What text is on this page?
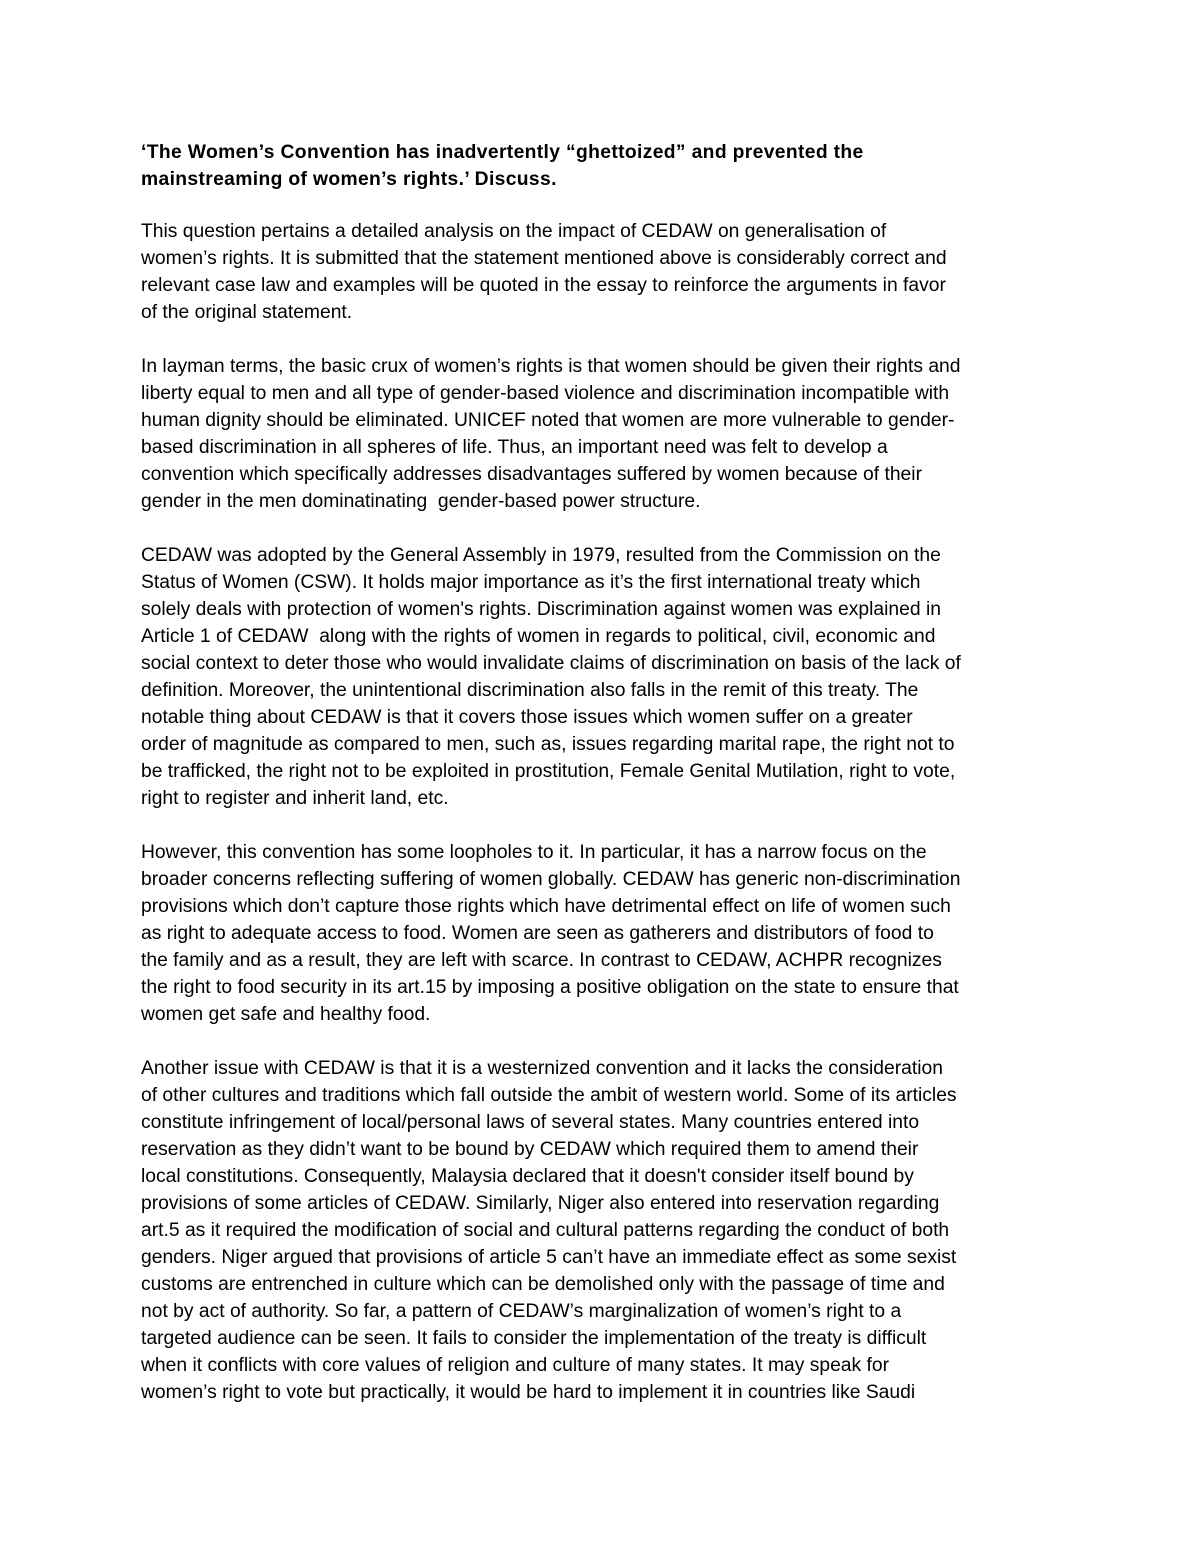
‘The Women’s Convention has inadvertently “ghettoized” and prevented the
mainstreaming of women’s rights.’ Discuss.
This question pertains a detailed analysis on the impact of CEDAW on generalisation of
women’s rights. It is submitted that the statement mentioned above is considerably correct and
relevant case law and examples will be quoted in the essay to reinforce the arguments in favor
of the original statement.
In layman terms, the basic crux of women’s rights is that women should be given their rights and
liberty equal to men and all type of gender-based violence and discrimination incompatible with
human dignity should be eliminated. UNICEF noted that women are more vulnerable to gender-
based discrimination in all spheres of life. Thus, an important need was felt to develop a
convention which specifically addresses disadvantages suffered by women because of their
gender in the men dominatinating  gender-based power structure.
CEDAW was adopted by the General Assembly in 1979, resulted from the Commission on the
Status of Women (CSW). It holds major importance as it’s the first international treaty which
solely deals with protection of women's rights. Discrimination against women was explained in
Article 1 of CEDAW  along with the rights of women in regards to political, civil, economic and
social context to deter those who would invalidate claims of discrimination on basis of the lack of
definition. Moreover, the unintentional discrimination also falls in the remit of this treaty. The
notable thing about CEDAW is that it covers those issues which women suffer on a greater
order of magnitude as compared to men, such as, issues regarding marital rape, the right not to
be trafficked, the right not to be exploited in prostitution, Female Genital Mutilation, right to vote,
right to register and inherit land, etc.
However, this convention has some loopholes to it. In particular, it has a narrow focus on the
broader concerns reflecting suffering of women globally. CEDAW has generic non-discrimination
provisions which don’t capture those rights which have detrimental effect on life of women such
as right to adequate access to food. Women are seen as gatherers and distributors of food to
the family and as a result, they are left with scarce. In contrast to CEDAW, ACHPR recognizes
the right to food security in its art.15 by imposing a positive obligation on the state to ensure that
women get safe and healthy food.
Another issue with CEDAW is that it is a westernized convention and it lacks the consideration
of other cultures and traditions which fall outside the ambit of western world. Some of its articles
constitute infringement of local/personal laws of several states. Many countries entered into
reservation as they didn’t want to be bound by CEDAW which required them to amend their
local constitutions. Consequently, Malaysia declared that it doesn't consider itself bound by
provisions of some articles of CEDAW. Similarly, Niger also entered into reservation regarding
art.5 as it required the modification of social and cultural patterns regarding the conduct of both
genders. Niger argued that provisions of article 5 can’t have an immediate effect as some sexist
customs are entrenched in culture which can be demolished only with the passage of time and
not by act of authority. So far, a pattern of CEDAW’s marginalization of women’s right to a
targeted audience can be seen. It fails to consider the implementation of the treaty is difficult
when it conflicts with core values of religion and culture of many states. It may speak for
women’s right to vote but practically, it would be hard to implement it in countries like Saudi
